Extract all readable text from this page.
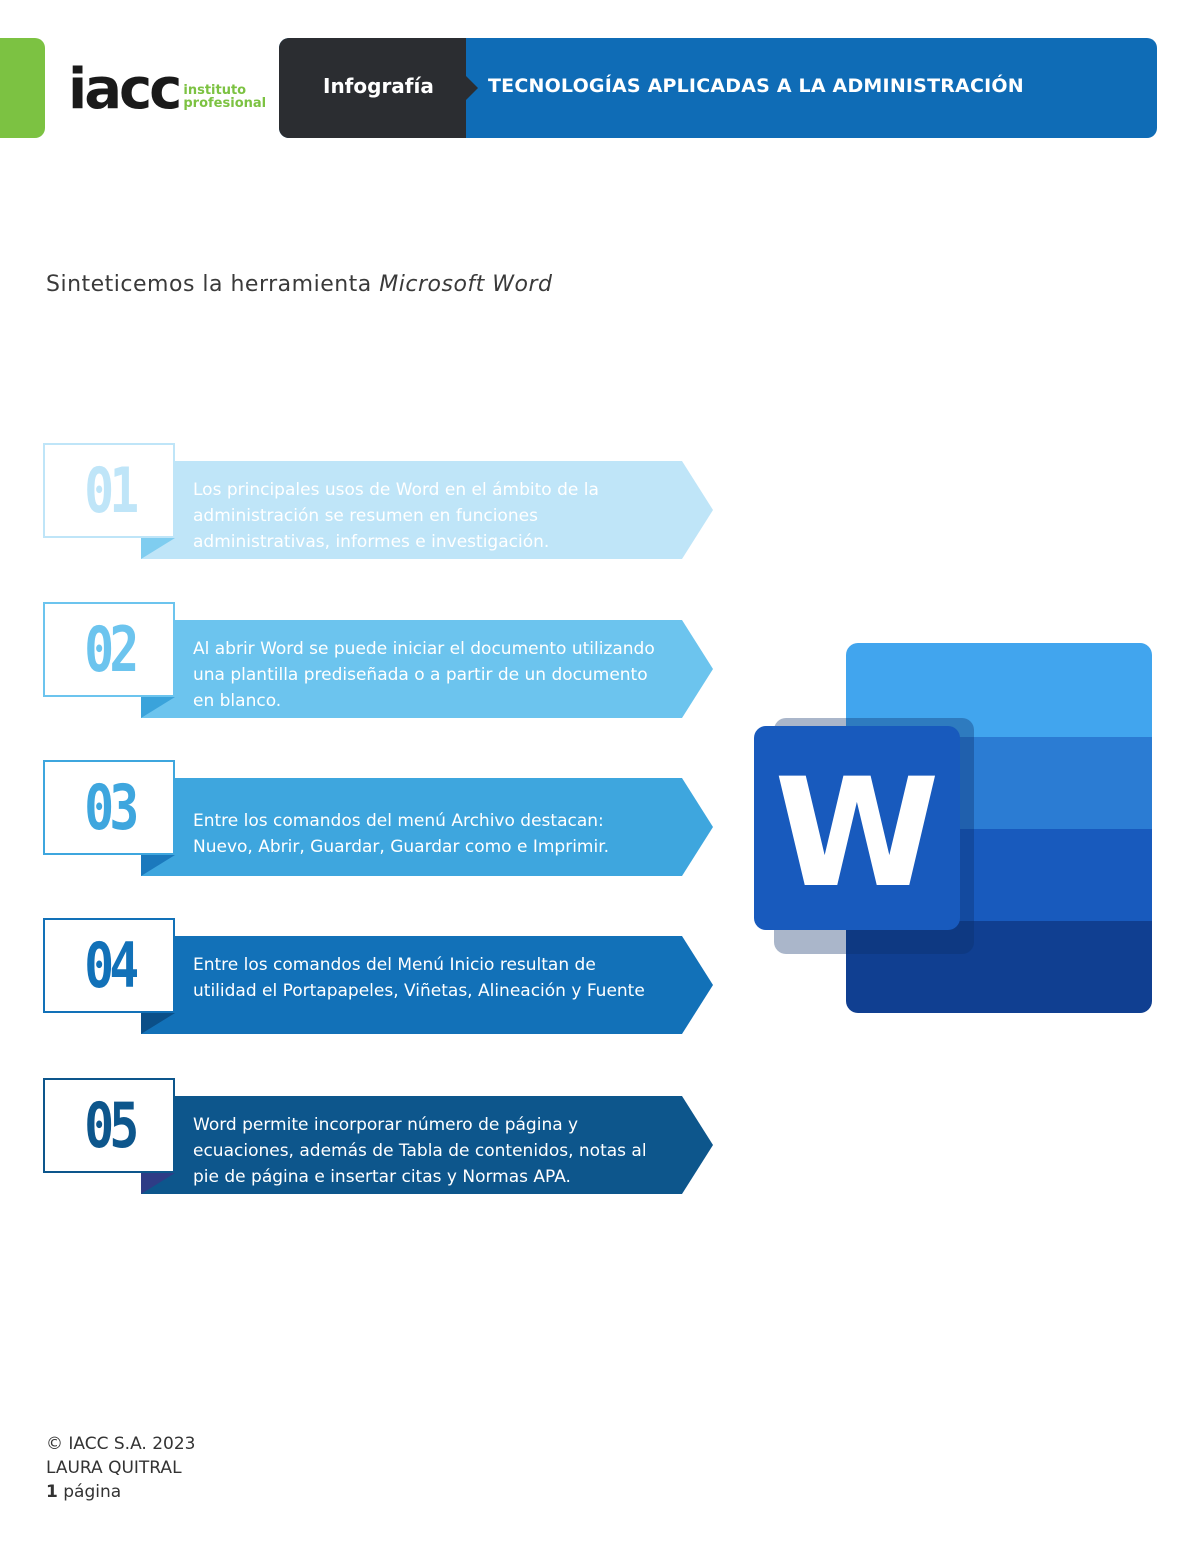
iacc instituto
profesional
Infografía	TECNOLOGÍAS APLICADAS A LA ADMINISTRACIÓN
Sinteticemos la herramienta Microsoft Word
01	Los principales usos de Word en el ámbito de la administración se resumen en funciones administrativas, informes e investigación.
02	Al abrir Word se puede iniciar el documento utilizando una plantilla prediseñada o a partir de un documento en blanco.
03	Entre los comandos del menú Archivo destacan: Nuevo, Abrir, Guardar, Guardar como e Imprimir.
04	Entre los comandos del Menú Inicio resultan de utilidad el Portapapeles, Viñetas, Alineación y Fuente
05	Word permite incorporar número de página y ecuaciones, además de Tabla de contenidos, notas al pie de página e insertar citas y Normas APA.
W
© IACC S.A. 2023
LAURA QUITRAL
1 página
